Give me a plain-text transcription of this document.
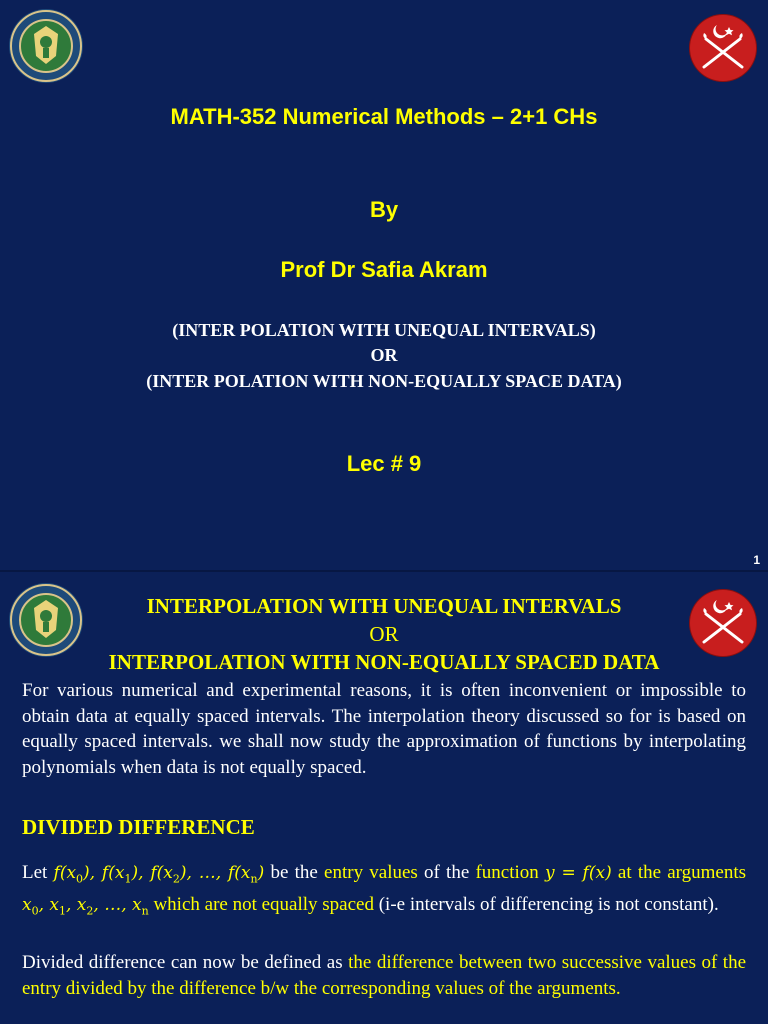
MATH-352 Numerical Methods – 2+1 CHs
By
Prof Dr Safia Akram
(INTER POLATION WITH UNEQUAL INTERVALS)
OR
(INTER POLATION WITH NON-EQUALLY SPACE DATA)
Lec # 9
1
INTERPOLATION WITH UNEQUAL INTERVALS
OR
INTERPOLATION WITH NON-EQUALLY SPACED DATA
For various numerical and experimental reasons, it is often inconvenient or impossible to obtain data at equally spaced intervals. The interpolation theory discussed so for is based on equally spaced intervals. we shall now study the approximation of functions by interpolating polynomials when data is not equally spaced.
DIVIDED DIFFERENCE
Let $f(x_0)$, $f(x_1)$, $f(x_2)$, …, $f(x_n)$ be the entry values of the function y = f(x) at the arguments $x_0$, $x_1$, $x_2$, …, $x_n$ which are not equally spaced (i-e intervals of differencing is not constant).
Divided difference can now be defined as the difference between two successive values of the entry divided by the difference b/w the corresponding values of the arguments.
